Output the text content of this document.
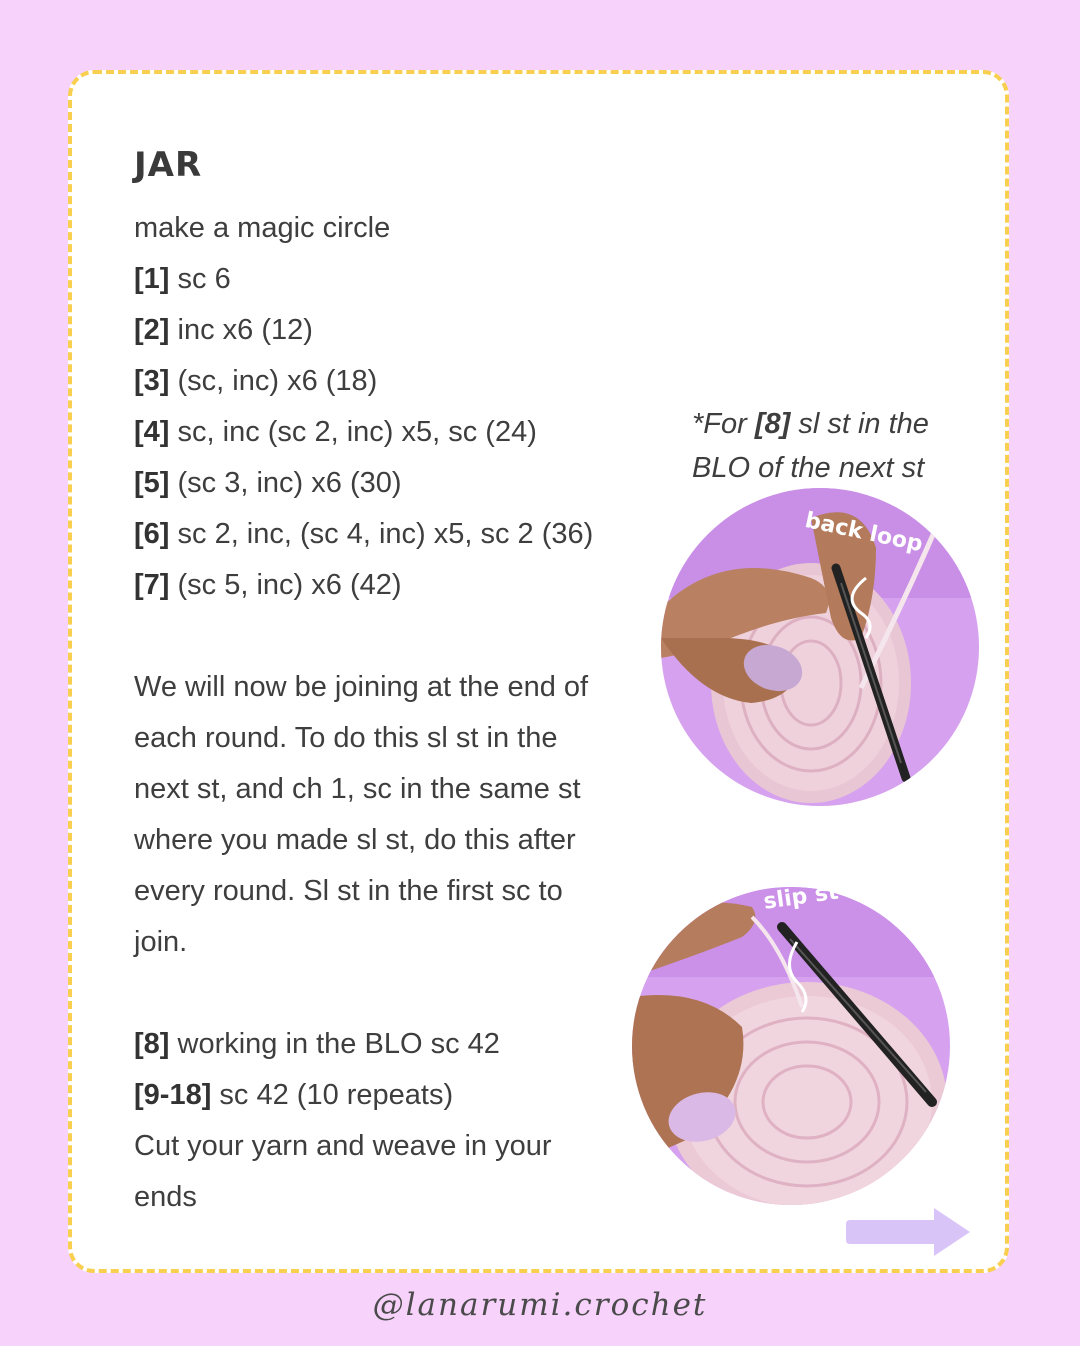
JAR
make a magic circle
[1] sc 6
[2] inc x6 (12)
[3] (sc, inc) x6 (18)
[4] sc, inc (sc 2, inc) x5, sc (24)
[5] (sc 3, inc) x6 (30)
[6] sc 2, inc, (sc 4, inc) x5, sc 2 (36)
[7] (sc 5, inc) x6 (42)
We will now be joining at the end of
each round. To do this sl st in the
next st, and ch 1, sc in the same st
where you made sl st, do this after
every round. Sl st in the first sc to
join.
[8] working in the BLO sc 42
[9-18] sc 42 (10 repeats)
Cut your yarn and weave in your
ends
*For [8] sl st in the
BLO of the next st
back loop
slip st
@lanarumi.crochet
